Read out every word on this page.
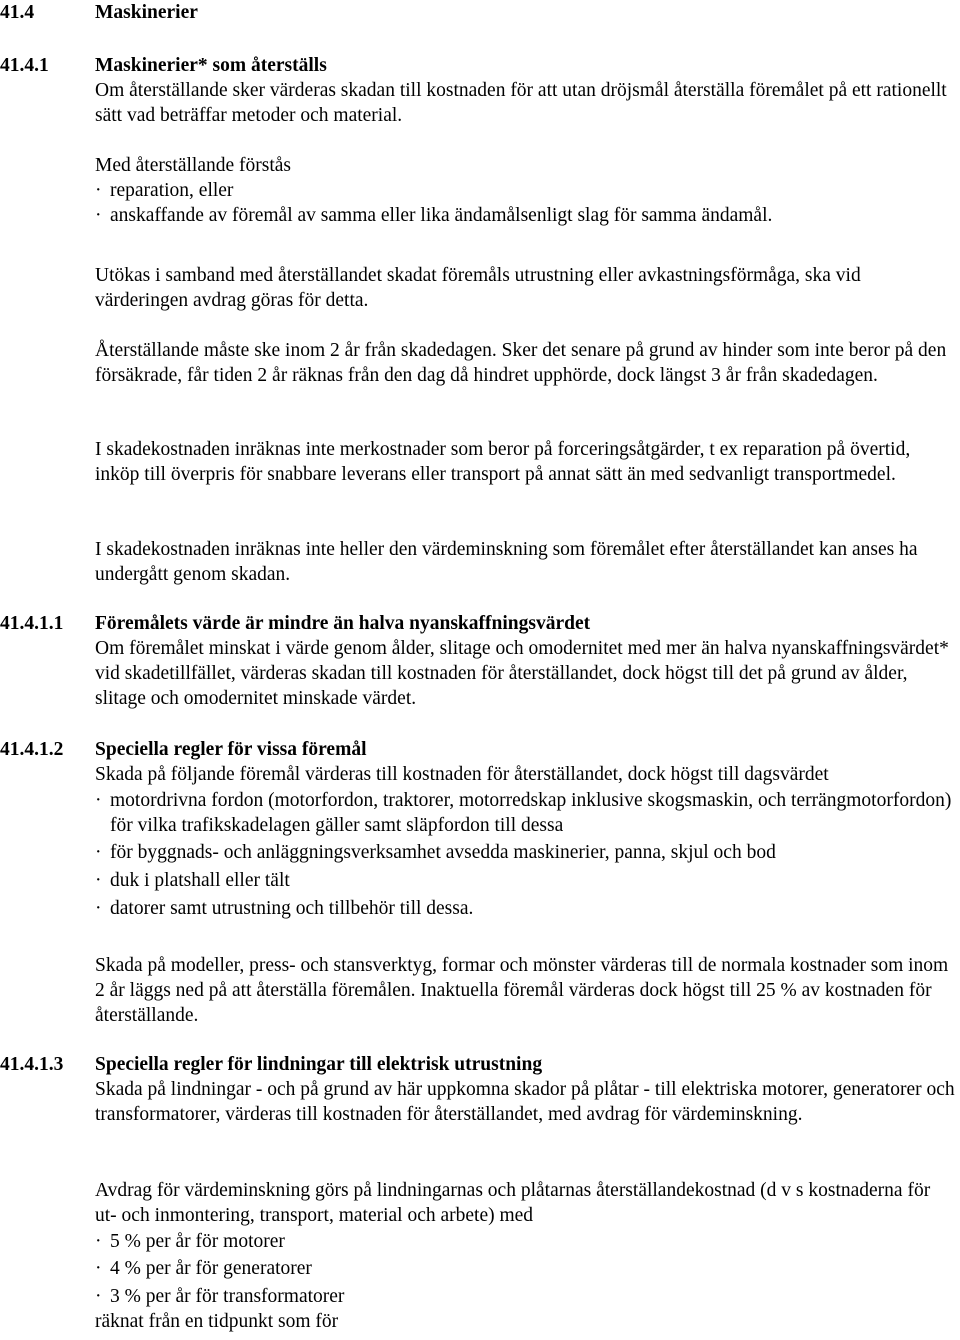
41.4	Maskinerier
41.4.1 Maskinerier* som återställs

Om återställande sker värderas skadan till kostnaden för att utan dröjsmål återställa föremålet på ett rationellt sätt vad beträffar metoder och material.

Med återställande förstås

· reparation, eller
· anskaffande av föremål av samma eller lika ändamålsenligt slag för samma ändamål.
Utökas i samband med återställandet skadat föremåls utrustning eller avkastningsförmåga, ska vid värderingen avdrag göras för detta.
Återställande måste ske inom 2 år från skadedagen. Sker det senare på grund av hinder som inte beror på den försäkrade, får tiden 2 år räknas från den dag då hindret upphörde, dock längst 3 år från skadedagen.
I skadekostnaden inräknas inte merkostnader som beror på forceringsåtgärder, t ex reparation på övertid, inköp till överpris för snabbare leverans eller transport på annat sätt än med sedvanligt transportmedel.
I skadekostnaden inräknas inte heller den värdeminskning som föremålet efter återställandet kan anses ha undergått genom skadan.
41.4.1.1 Föremålets värde är mindre än halva nyanskaffningsvärdet

Om föremålet minskat i värde genom ålder, slitage och omodernitet med mer än halva nyanskaffningsvärdet* vid skadetillfället, värderas skadan till kostnaden för återställandet, dock högst till det på grund av ålder, slitage och omodernitet minskade värdet.

41.4.1.2 Speciella regler för vissa föremål

Skada på följande föremål värderas till kostnaden för återställandet, dock högst till dagsvärdet

· motordrivna fordon (motorfordon, traktorer, motorredskap inklusive skogsmaskin, och terrängmotorfordon) för vilka trafikskadelagen gäller samt släpfordon till dessa
· för byggnads- och anläggningsverksamhet avsedda maskinerier, panna, skjul och bod
· duk i platshall eller tält
· datorer samt utrustning och tillbehör till dessa.
Skada på modeller, press- och stansverktyg, formar och mönster värderas till de normala kostnader som inom 2 år läggs ned på att återställa föremålen. Inaktuella föremål värderas dock högst till 25 % av kostnaden för återställande.
41.4.1.3 Speciella regler för lindningar till elektrisk utrustning

Skada på lindningar - och på grund av här uppkomna skador på plåtar - till elektriska motorer, generatorer och transformatorer, värderas till kostnaden för återställandet, med avdrag för värdeminskning.

Avdrag för värdeminskning görs på lindningarnas och plåtarnas återställandekostnad (d v s kostnaderna för ut- och inmontering, transport, material och arbete) med

· 5 % per år för motorer
· 4 % per år för generatorer
· 3 % per år för transformatorer

räknat från en tidpunkt som för
